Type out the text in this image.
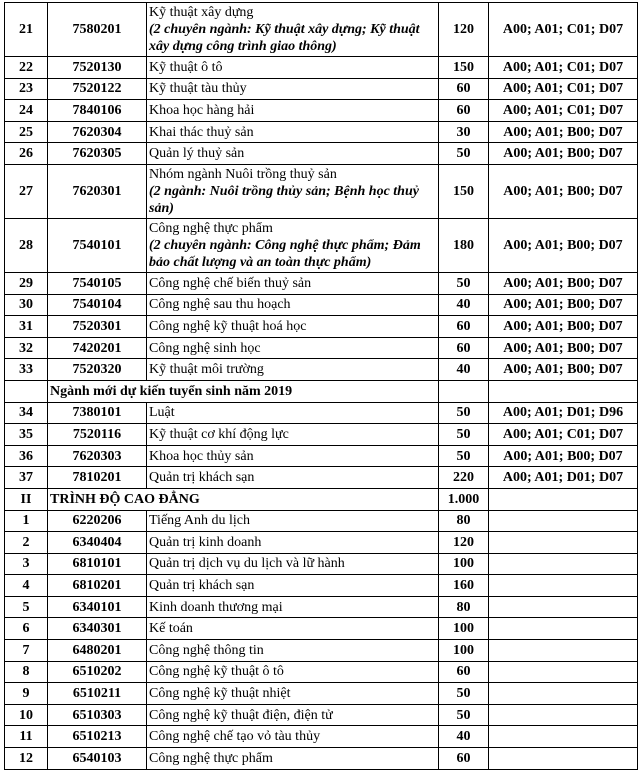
21	7580201	Kỹ thuật xây dựng
(2 chuyên ngành: Kỹ thuật xây dựng; Kỹ thuật xây dựng công trình giao thông)	120	A00; A01; C01; D07
22	7520130	Kỹ thuật ô tô	150	A00; A01; C01; D07
23	7520122	Kỹ thuật tàu thủy	60	A00; A01; C01; D07
24	7840106	Khoa học hàng hải	60	A00; A01; C01; D07
25	7620304	Khai thác thuỷ sản	30	A00; A01; B00; D07
26	7620305	Quản lý thuỷ sản	50	A00; A01; B00; D07
27	7620301	Nhóm ngành Nuôi trồng thuỷ sản
(2 ngành: Nuôi trồng thủy sản; Bệnh học thuỷ sản)	150	A00; A01; B00; D07
28	7540101	Công nghệ thực phẩm
(2 chuyên ngành: Công nghệ thực phẩm; Đảm bảo chất lượng và an toàn thực phẩm)	180	A00; A01; B00; D07
29	7540105	Công nghệ chế biến thuỷ sản	50	A00; A01; B00; D07
30	7540104	Công nghệ sau thu hoạch	40	A00; A01; B00; D07
31	7520301	Công nghệ kỹ thuật hoá học	60	A00; A01; B00; D07
32	7420201	Công nghệ sinh học	60	A00; A01; B00; D07
33	7520320	Kỹ thuật môi trường	40	A00; A01; B00; D07
	Ngành mới dự kiến tuyển sinh năm 2019			
34	7380101	Luật	50	A00; A01; D01; D96
35	7520116	Kỹ thuật cơ khí động lực	50	A00; A01; C01; D07
36	7620303	Khoa học thủy sản	50	A00; A01; B00; D07
37	7810201	Quản trị khách sạn	220	A00; A01; D01; D07
II	TRÌNH ĐỘ CAO ĐẲNG		1.000	
1	6220206	Tiếng Anh du lịch	80	
2	6340404	Quản trị kinh doanh	120	
3	6810101	Quản trị dịch vụ du lịch và lữ hành	100	
4	6810201	Quản trị khách sạn	160	
5	6340101	Kinh doanh thương mại	80	
6	6340301	Kế toán	100	
7	6480201	Công nghệ thông tin	100	
8	6510202	Công nghệ kỹ thuật ô tô	60	
9	6510211	Công nghệ kỹ thuật nhiệt	50	
10	6510303	Công nghệ kỹ thuật điện, điện tử	50	
11	6510213	Công nghệ chế tạo vỏ tàu thủy	40	
12	6540103	Công nghệ thực phẩm	60	
